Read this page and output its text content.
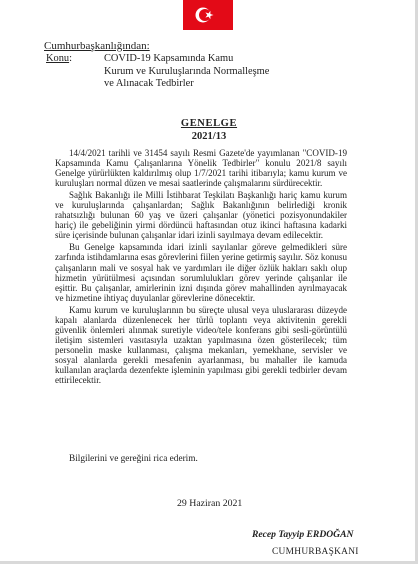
Cumhurbaşkanlığından:
Konu:	COVID-19 Kapsamında Kamu
Kurum ve Kuruluşlarında Normalleşme
ve Alınacak Tedbirler
GENELGE
2021/13

14/4/2021 tarihli ve 31454 sayılı Resmi Gazete'de yayımlanan "COVID-19 Kapsamında Kamu Çalışanlarına Yönelik Tedbirler" konulu 2021/8 sayılı Genelge yürürlükten kaldırılmış olup 1/7/2021 tarihi itibarıyla; kamu kurum ve kuruluşları normal düzen ve mesai saatlerinde çalışmalarını sürdürecektir.

Sağlık Bakanlığı ile Milli İstihbarat Teşkilatı Başkanlığı hariç kamu kurum ve kuruluşlarında çalışanlardan; Sağlık Bakanlığının belirlediği kronik rahatsızlığı bulunan 60 yaş ve üzeri çalışanlar (yönetici pozisyonundakiler hariç) ile gebeliğinin yirmi dördüncü haftasından otuz ikinci haftasına kadarki süre içerisinde bulunan çalışanlar idari izinli sayılmaya devam edilecektir.

Bu Genelge kapsamında idari izinli sayılanlar göreve gelmedikleri süre zarfında istihdamlarına esas görevlerini fiilen yerine getirmiş sayılır. Söz konusu çalışanların mali ve sosyal hak ve yardımları ile diğer özlük hakları saklı olup hizmetin yürütülmesi açısından sorumlulukları görev yerinde çalışanlar ile eşittir. Bu çalışanlar, amirlerinin izni dışında görev mahallinden ayrılmayacak ve hizmetine ihtiyaç duyulanlar görevlerine dönecektir.

Kamu kurum ve kuruluşlarının bu süreçte ulusal veya uluslararası düzeyde kapalı alanlarda düzenlenecek her türlü toplantı veya aktivitenin gerekli güvenlik önlemleri alınmak suretiyle video/tele konferans gibi sesli-görüntülü iletişim sistemleri vasıtasıyla uzaktan yapılmasına özen gösterilecek; tüm personelin maske kullanması, çalışma mekanları, yemekhane, servisler ve sosyal alanlarda gerekli mesafenin ayarlanması, bu mahaller ile kamuda kullanılan araçlarda dezenfekte işleminin yapılması gibi gerekli tedbirler devam ettirilecektir.

Bilgilerini ve gereğini rica ederim.
29 Haziran 2021
Recep Tayyip ERDOĞAN
CUMHURBAŞKANI
